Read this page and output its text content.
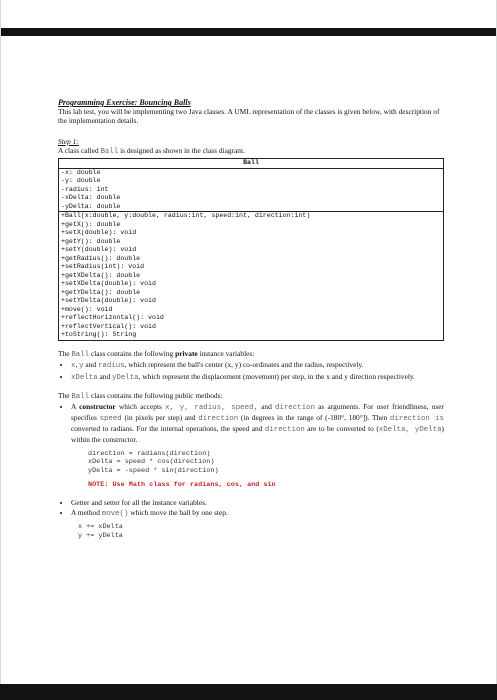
Programming Exercise: Bouncing Balls

This lab test, you will be implementing two Java classes. A UML representation of the classes is given below, with description of the implementation details.

Step 1:

A class called Ball is designed as shown in the class diagram.

Ball

-x: double
-y: double
-radius: int
-xDelta: double
-yDelta: double

+Ball(x:double, y:double, radius:int, speed:int, direction:int)
+getX(): double
+setX(double): void
+getY(): double
+setY(double): void
+getRadius(): double
+setRadius(int): void
+getXDelta(): double
+setXDelta(double): void
+getYDelta(): double
+setYDelta(double): void
+move(): void
+reflectHorizontal(): void
+reflectVertical(): void
+toString(): String

The Ball class contains the following private instance variables:

• x, y and radius, which represent the ball's center (x, y) co-ordinates and the radius, respectively.
• xDelta and yDelta, which represent the displacement (movement) per step, in the x and y direction respectively.

The Ball class contains the following public methods:

• A constructor which accepts x, y, radius, speed, and direction as arguments. For user friendliness, user specifies speed (in pixels per step) and direction (in degrees in the range of (-180°, 180°]). Then direction is converted to radians. For the internal operations, the speed and direction are to be converted to (xDelta, yDelta) within the constructor.
direction = radians(direction)
xDelta = speed * cos(direction)
yDelta = -speed * sin(direction)
NOTE: Use Math class for radians, cos, and sin
• Getter and setter for all the instance variables.
• A method move() which move the ball by one step.
x += xDelta
y += yDelta
